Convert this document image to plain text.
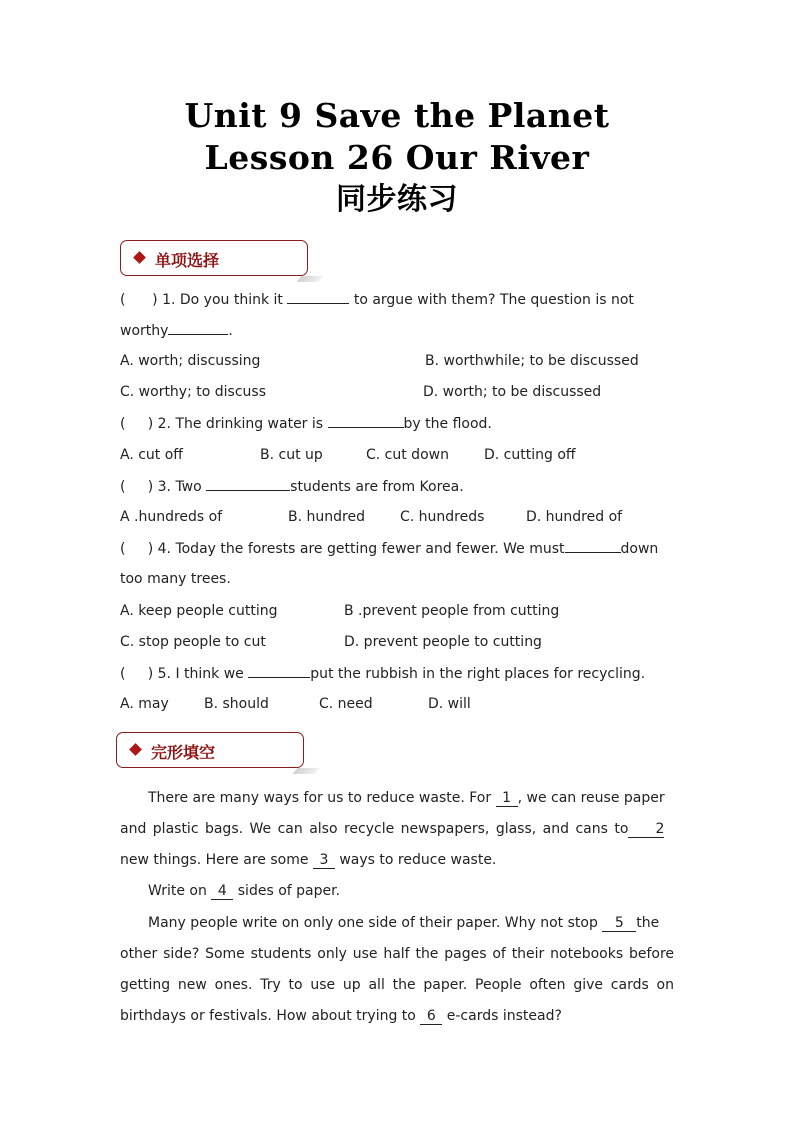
Unit 9 Save the Planet
Lesson 26 Our River
同步练习
单项选择
(      ) 1. Do you think it	to argue with them? The question is not
worthy	.
A. worth; discussing	B. worthwhile; to be discussed
C. worthy; to discuss	D. worth; to be discussed
(     ) 2. The drinking water is	by the flood.
A. cut off	B. cut up	C. cut down	D. cutting off
(     ) 3. Two	students are from Korea.
A .hundreds of	B. hundred	C. hundreds	D. hundred of
(     ) 4. Today the forests are getting fewer and fewer. We must	down
too many trees.
A. keep people cutting	B .prevent people from cutting
C. stop people to cut	D. prevent people to cutting
(     ) 5. I think we	put the rubbish in the right places for recycling.
A. may	B. should	C. need	D. will
完形填空
There are many ways for us to reduce waste. For 1 , we can reuse paper
and plastic bags. We can also recycle newspapers, glass, and cans to 2
new things. Here are some 3 ways to reduce waste.
Write on 4 sides of paper.
Many people write on only one side of their paper. Why not stop 5 the
other side? Some students only use half the pages of their notebooks before
getting new ones. Try to use up all the paper. People often give cards on
birthdays or festivals. How about trying to 6 e-cards instead?
